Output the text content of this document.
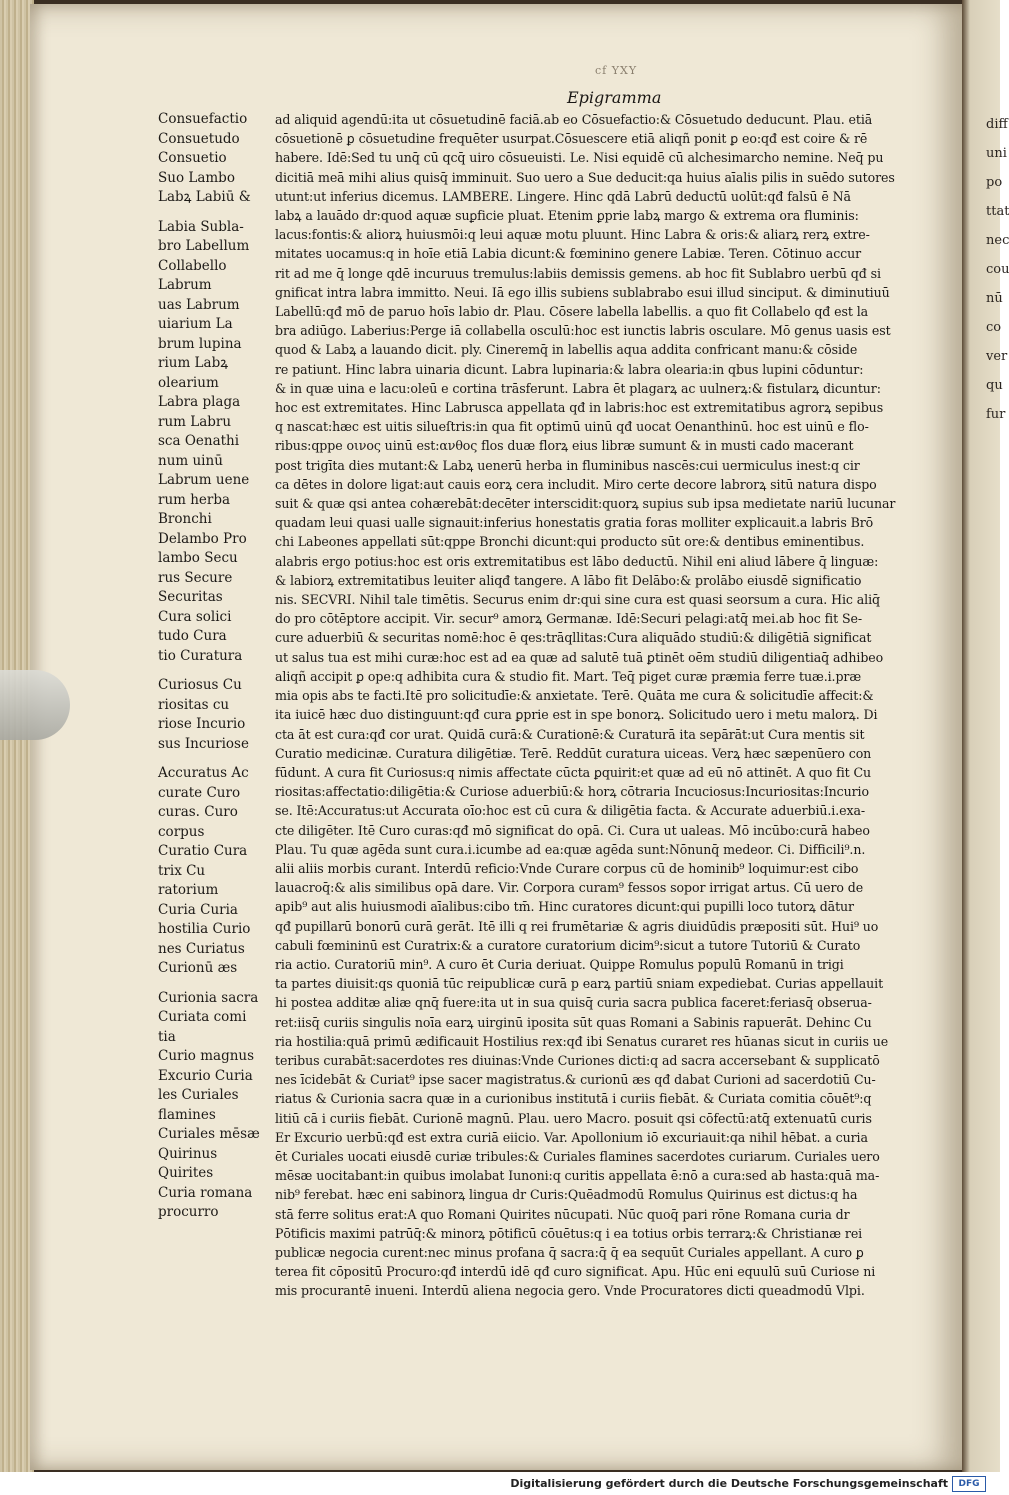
cf YXY
Epigramma
diff
uni
po
ttat
nec
cou
nū
co
ver
qu
fur
Consuefactio
Consuetudo
Consuetio
Suo Lambo
Labꝝ Labiū &
Labia Subla-
bro Labellum
Collabello
Labrum
uas Labrum
uiarium La
brum lupina
rium Labꝝ
olearium
Labra plaga
rum Labru
sca Oenathi
num uinū
Labrum uene
rum herba
Bronchi
Delambo Pro
lambo Secu
rus Secure
Securitas
Cura solici
tudo Cura
tio Curatura
Curiosus Cu
riositas cu
riose Incurio
sus Incuriose
Accuratus Ac
curate Curo
curas. Curo
corpus
Curatio Cura
trix Cu
ratorium
Curia Curia
hostilia Curio
nes Curiatus
Curionū æs
Curionia sacra
Curiata comi
tia
Curio magnus
Excurio Curia
les Curiales
flamines
Curiales mēsæ
Quirinus
Quirites
Curia romana
procurro
ad aliquid agendū:ita ut cōsuetudinē faciā.ab eo Cōsuefactio:& Cōsuetudo deducunt. Plau. etiā
cōsuetionē ꝑ cōsuetudine frequēter usurpat.Cōsuescere etiā aliqñ ponit ꝑ eo:qđ est coire & rē
habere. Idē:Sed tu unq̄ cū qcq̄ uiro cōsueuisti. Le. Nisi equidē cū alchesimarcho nemine. Neq̄ pu
dicitiā meā mihi alius quisq̄ imminuit. Suo uero a Sue deducit:qa huius aīalis pilis in suēdo sutores
utunt:ut inferius dicemus. LAMBERE. Lingere. Hinc qdā Labrū deductū uolūt:qđ falsū ē Nā
labꝝ a lauādo dr:quod aquæ suꝑficie pluat. Etenim ꝑprie labꝝ margo & extrema ora fluminis:
lacus:fontis:& aliorꝝ huiusmōi:q leui aquæ motu pluunt. Hinc Labra & oris:& aliarꝝ rerꝝ extre-
mitates uocamus:q in hoīe etiā Labia dicunt:& fœminino genere Labiæ. Teren. Cōtinuo accur
rit ad me q̄ longe qdē incuruus tremulus:labiis demissis gemens. ab hoc fit Sublabro uerbū qđ si
gnificat intra labra immitto. Neui. Iā ego illis subiens sublabrabo esui illud sinciput. & diminutiuū
Labellū:qđ mō de paruo hoīs labio dr. Plau. Cōsere labella labellis. a quo fit Collabelo qđ est la
bra adiūgo. Laberius:Perge iā collabella osculū:hoc est iunctis labris osculare. Mō genus uasis est
quod & Labꝝ a lauando dicit. ply. Cineremq̄ in labellis aqua addita confricant manu:& cōside
re patiunt. Hinc labra uinaria dicunt. Labra lupinaria:& labra olearia:in qbus lupini cōduntur:
& in quæ uina e lacu:oleū e cortina trāsferunt. Labra ēt plagarꝝ ac uulnerꝝ:& fistularꝝ dicuntur:
hoc est extremitates. Hinc Labrusca appellata qđ in labris:hoc est extremitatibus agrorꝝ sepibus
q nascat:hæc est uitis silueſtris:in qua fit optimū uinū qđ uocat Oenanthinū. hoc est uinū e flo-
ribus:qppe οινος uinū est:ανθος flos duæ florꝝ eius libræ sumunt & in musti cado macerant
post trigīta dies mutant:& Labꝝ uenerū herba in fluminibus nascēs:cui uermiculus inest:q cir
ca dētes in dolore ligat:aut cauis eorꝝ cera includit. Miro certe decore labrorꝝ sitū natura dispo
suit & quæ qsi antea cohærebāt:decēter interscidit:quorꝝ supius sub ipsa medietate nariū lucunar
quadam leui quasi ualle signauit:inferius honestatis gratia foras molliter explicauit.a labris Brō
chi Labeones appellati sūt:qppe Bronchi dicunt:qui producto sūt ore:& dentibus eminentibus.
alabris ergo potius:hoc est oris extremitatibus est lābo deductū. Nihil eni aliud lābere q̄ linguæ:
& labiorꝝ extremitatibus leuiter aliqđ tangere. A lābo fit Delābo:& prolābo eiusdē significatio
nis. SECVRI. Nihil tale timētis. Securus enim dr:qui sine cura est quasi seorsum a cura. Hic aliq̄
do pro cōtēptore accipit. Vir. secur⁹ amorꝝ Germanæ. Idē:Securi pelagi:atq̄ mei.ab hoc fit Se-
cure aduerbiū & securitas nomē:hoc ē qes:trāqllitas:Cura aliquādo studiū:& diligētiā significat
ut salus tua est mihi curæ:hoc est ad ea quæ ad salutē tuā ꝑtinēt oēm studiū diligentiaq̄ adhibeo
aliqñ accipit ꝑ ope:q adhibita cura & studio fit. Mart. Teq̄ piget curæ præmia ferre tuæ.i.præ
mia opis abs te facti.Itē pro solicitudīe:& anxietate. Terē. Quāta me cura & solicitudīe affecit:&
ita iuicē hæc duo distinguunt:qđ cura ꝑprie est in spe bonorꝝ. Solicitudo uero i metu malorꝝ. Di
cta āt est cura:qđ cor urat. Quidā curā:& Curationē:& Curaturā ita sepārāt:ut Cura mentis sit
Curatio medicinæ. Curatura diligētiæ. Terē. Reddūt curatura uiceas. Verꝝ hæc sæpenūero con
fūdunt. A cura fit Curiosus:q nimis affectate cūcta ꝑquirit:et quæ ad eū nō attinēt. A quo fit Cu
riositas:affectatio:diligētia:& Curiose aduerbiū:& horꝝ cōtraria Incuciosus:Incuriositas:Incurio
se. Itē:Accuratus:ut Accurata oīo:hoc est cū cura & diligētia facta. & Accurate aduerbiū.i.exa-
cte diligēter. Itē Curo curas:qđ mō significat do opā. Ci. Cura ut ualeas. Mō incūbo:curā habeo
Plau. Tu quæ agēda sunt cura.i.icumbe ad ea:quæ agēda sunt:Nōnunq̄ medeor. Ci. Difficili⁹.n.
alii aliis morbis curant. Interdū reficio:Vnde Curare corpus cū de hominib⁹ loquimur:est cibo
lauacroq̄:& alis similibus opā dare. Vir. Corpora curam⁹ fessos sopor irrigat artus. Cū uero de
apib⁹ aut alis huiusmodi aīalibus:cibo tm̄. Hinc curatores dicunt:qui pupilli loco tutorꝝ dātur
qđ pupillarū bonorū curā gerāt. Itē illi q rei frumētariæ & agris diuidūdis præpositi sūt. Hui⁹ uo
cabuli fœmininū est Curatrix:& a curatore curatorium dicim⁹:sicut a tutore Tutoriū & Curato
ria actio. Curatoriū min⁹. A curo ēt Curia deriuat. Quippe Romulus populū Romanū in trigi
ta partes diuisit:qs quoniā tūc reipublicæ curā p earꝝ partiū sniam expediebat. Curias appellauit
hi postea additæ aliæ qnq̄ fuere:ita ut in sua quisq̄ curia sacra publica faceret:feriasq̄ obserua-
ret:iisq̄ curiis singulis noīa earꝝ uirginū iposita sūt quas Romani a Sabinis rapuerāt. Dehinc Cu
ria hostilia:quā primū ædificauit Hostilius rex:qđ ibi Senatus curaret res hūanas sicut in curiis ue
teribus curabāt:sacerdotes res diuinas:Vnde Curiones dicti:q ad sacra accersebant & supplicatō
nes īcidebāt & Curiat⁹ ipse sacer magistratus.& curionū æs qđ dabat Curioni ad sacerdotiū Cu-
riatus & Curionia sacra quæ in a curionibus institutā i curiis fiebāt. & Curiata comitia cōuēt⁹:q
litiū cā i curiis fiebāt. Curionē magnū. Plau. uero Macro. posuit qsi cōfectū:atq̄ extenuatū curis
Er Excurio uerbū:qđ est extra curiā eiicio. Var. Apollonium iō excuriauit:qa nihil hēbat. a curia
ēt Curiales uocati eiusdē curiæ tribules:& Curiales flamines sacerdotes curiarum. Curiales uero
mēsæ uocitabant:in quibus imolabat Iunoni:q curitis appellata ē:nō a cura:sed ab hasta:quā ma-
nib⁹ ferebat. hæc eni sabinorꝝ lingua dr Curis:Quēadmodū Romulus Quirinus est dictus:q ha
stā ferre solitus erat:A quo Romani Quirites nūcupati. Nūc quoq̄ pari rōne Romana curia dr
Pōtificis maximi patrūq̄:& minorꝝ pōtificū cōuētus:q i ea totius orbis terrarꝝ:& Christianæ rei
publicæ negocia curent:nec minus profana q̄ sacra:q̄ q̄ ea sequūt Curiales appellant. A curo ꝑ
terea fit cōpositū Procuro:qđ interdū idē qđ curo significat. Apu. Hūc eni equulū suū Curiose ni
mis procurantē inueni. Interdū aliena negocia gero. Vnde Procuratores dicti queadmodū Vlpi.
Digitalisierung gefördert durch die Deutsche Forschungsgemeinschaft	DFG
